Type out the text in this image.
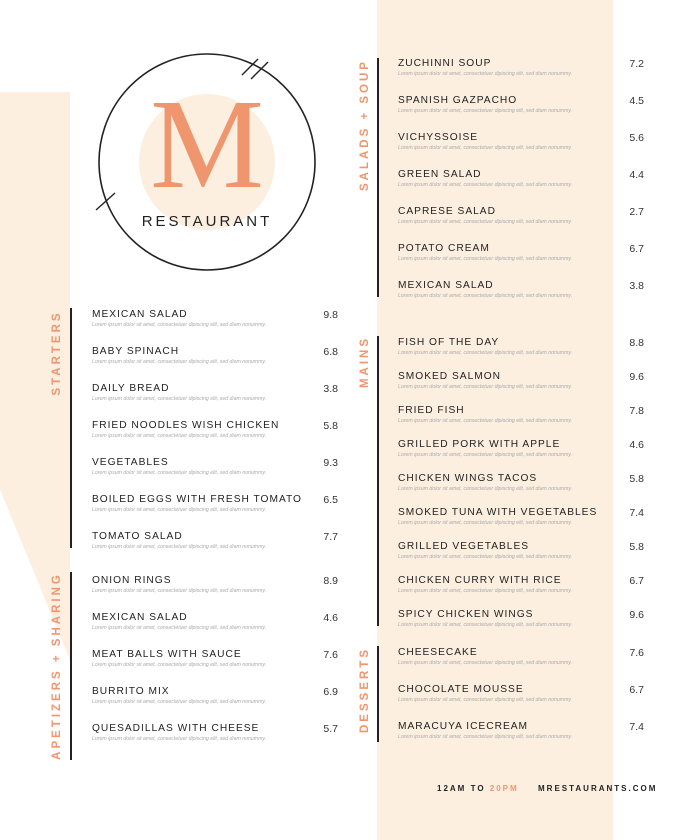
M
RESTAURANT
STARTERS	MEXICAN SALAD
Lorem ipsum dolor sit amet, consectetuer dipiscing elit, sed diam nonummy.
9.8
BABY SPINACH
Lorem ipsum dolor sit amet, consectetuer dipiscing elit, sed diam nonummy.
6.8
DAILY BREAD
Lorem ipsum dolor sit amet, consectetuer dipiscing elit, sed diam nonummy.
3.8
FRIED NOODLES WISH CHICKEN
Lorem ipsum dolor sit amet, consectetuer dipiscing elit, sed diam nonummy.
5.8
VEGETABLES
Lorem ipsum dolor sit amet, consectetuer dipiscing elit, sed diam nonummy.
9.3
BOILED EGGS WITH FRESH TOMATO
Lorem ipsum dolor sit amet, consectetuer dipiscing elit, sed diam nonummy.
6.5
TOMATO SALAD
Lorem ipsum dolor sit amet, consectetuer dipiscing elit, sed diam nonummy.
7.7
APETIZERS + SHARING	ONION RINGS
Lorem ipsum dolor sit amet, consectetuer dipiscing elit, sed diam nonummy.
8.9
MEXICAN SALAD
Lorem ipsum dolor sit amet, consectetuer dipiscing elit, sed diam nonummy.
4.6
MEAT BALLS WITH SAUCE
Lorem ipsum dolor sit amet, consectetuer dipiscing elit, sed diam nonummy.
7.6
BURRITO MIX
Lorem ipsum dolor sit amet, consectetuer dipiscing elit, sed diam nonummy.
6.9
QUESADILLAS WITH CHEESE
Lorem ipsum dolor sit amet, consectetuer dipiscing elit, sed diam nonummy.
5.7
SALADS + SOUP	ZUCHINNI SOUP
Lorem ipsum dolor sit amet, consectetuer dipiscing elit, sed diam nonummy.
7.2
SPANISH GAZPACHO
Lorem ipsum dolor sit amet, consectetuer dipiscing elit, sed diam nonummy.
4.5
VICHYSSOISE
Lorem ipsum dolor sit amet, consectetuer dipiscing elit, sed diam nonummy.
5.6
GREEN SALAD
Lorem ipsum dolor sit amet, consectetuer dipiscing elit, sed diam nonummy.
4.4
CAPRESE SALAD
Lorem ipsum dolor sit amet, consectetuer dipiscing elit, sed diam nonummy.
2.7
POTATO CREAM
Lorem ipsum dolor sit amet, consectetuer dipiscing elit, sed diam nonummy.
6.7
MEXICAN SALAD
Lorem ipsum dolor sit amet, consectetuer dipiscing elit, sed diam nonummy.
3.8
MAINS	FISH OF THE DAY
Lorem ipsum dolor sit amet, consectetuer dipiscing elit, sed diam nonummy.
8.8
SMOKED SALMON
Lorem ipsum dolor sit amet, consectetuer dipiscing elit, sed diam nonummy.
9.6
FRIED FISH
Lorem ipsum dolor sit amet, consectetuer dipiscing elit, sed diam nonummy.
7.8
GRILLED PORK WITH APPLE
Lorem ipsum dolor sit amet, consectetuer dipiscing elit, sed diam nonummy.
4.6
CHICKEN WINGS TACOS
Lorem ipsum dolor sit amet, consectetuer dipiscing elit, sed diam nonummy.
5.8
SMOKED TUNA WITH VEGETABLES
Lorem ipsum dolor sit amet, consectetuer dipiscing elit, sed diam nonummy.
7.4
GRILLED VEGETABLES
Lorem ipsum dolor sit amet, consectetuer dipiscing elit, sed diam nonummy.
5.8
CHICKEN CURRY WITH RICE
Lorem ipsum dolor sit amet, consectetuer dipiscing elit, sed diam nonummy.
6.7
SPICY CHICKEN WINGS
Lorem ipsum dolor sit amet, consectetuer dipiscing elit, sed diam nonummy.
9.6
DESSERTS	CHEESECAKE
Lorem ipsum dolor sit amet, consectetuer dipiscing elit, sed diam nonummy.
7.6
CHOCOLATE MOUSSE
Lorem ipsum dolor sit amet, consectetuer dipiscing elit, sed diam nonummy.
6.7
MARACUYA ICECREAM
Lorem ipsum dolor sit amet, consectetuer dipiscing elit, sed diam nonummy.
7.4
12AM TO 20PM MRESTAURANTS.COM
